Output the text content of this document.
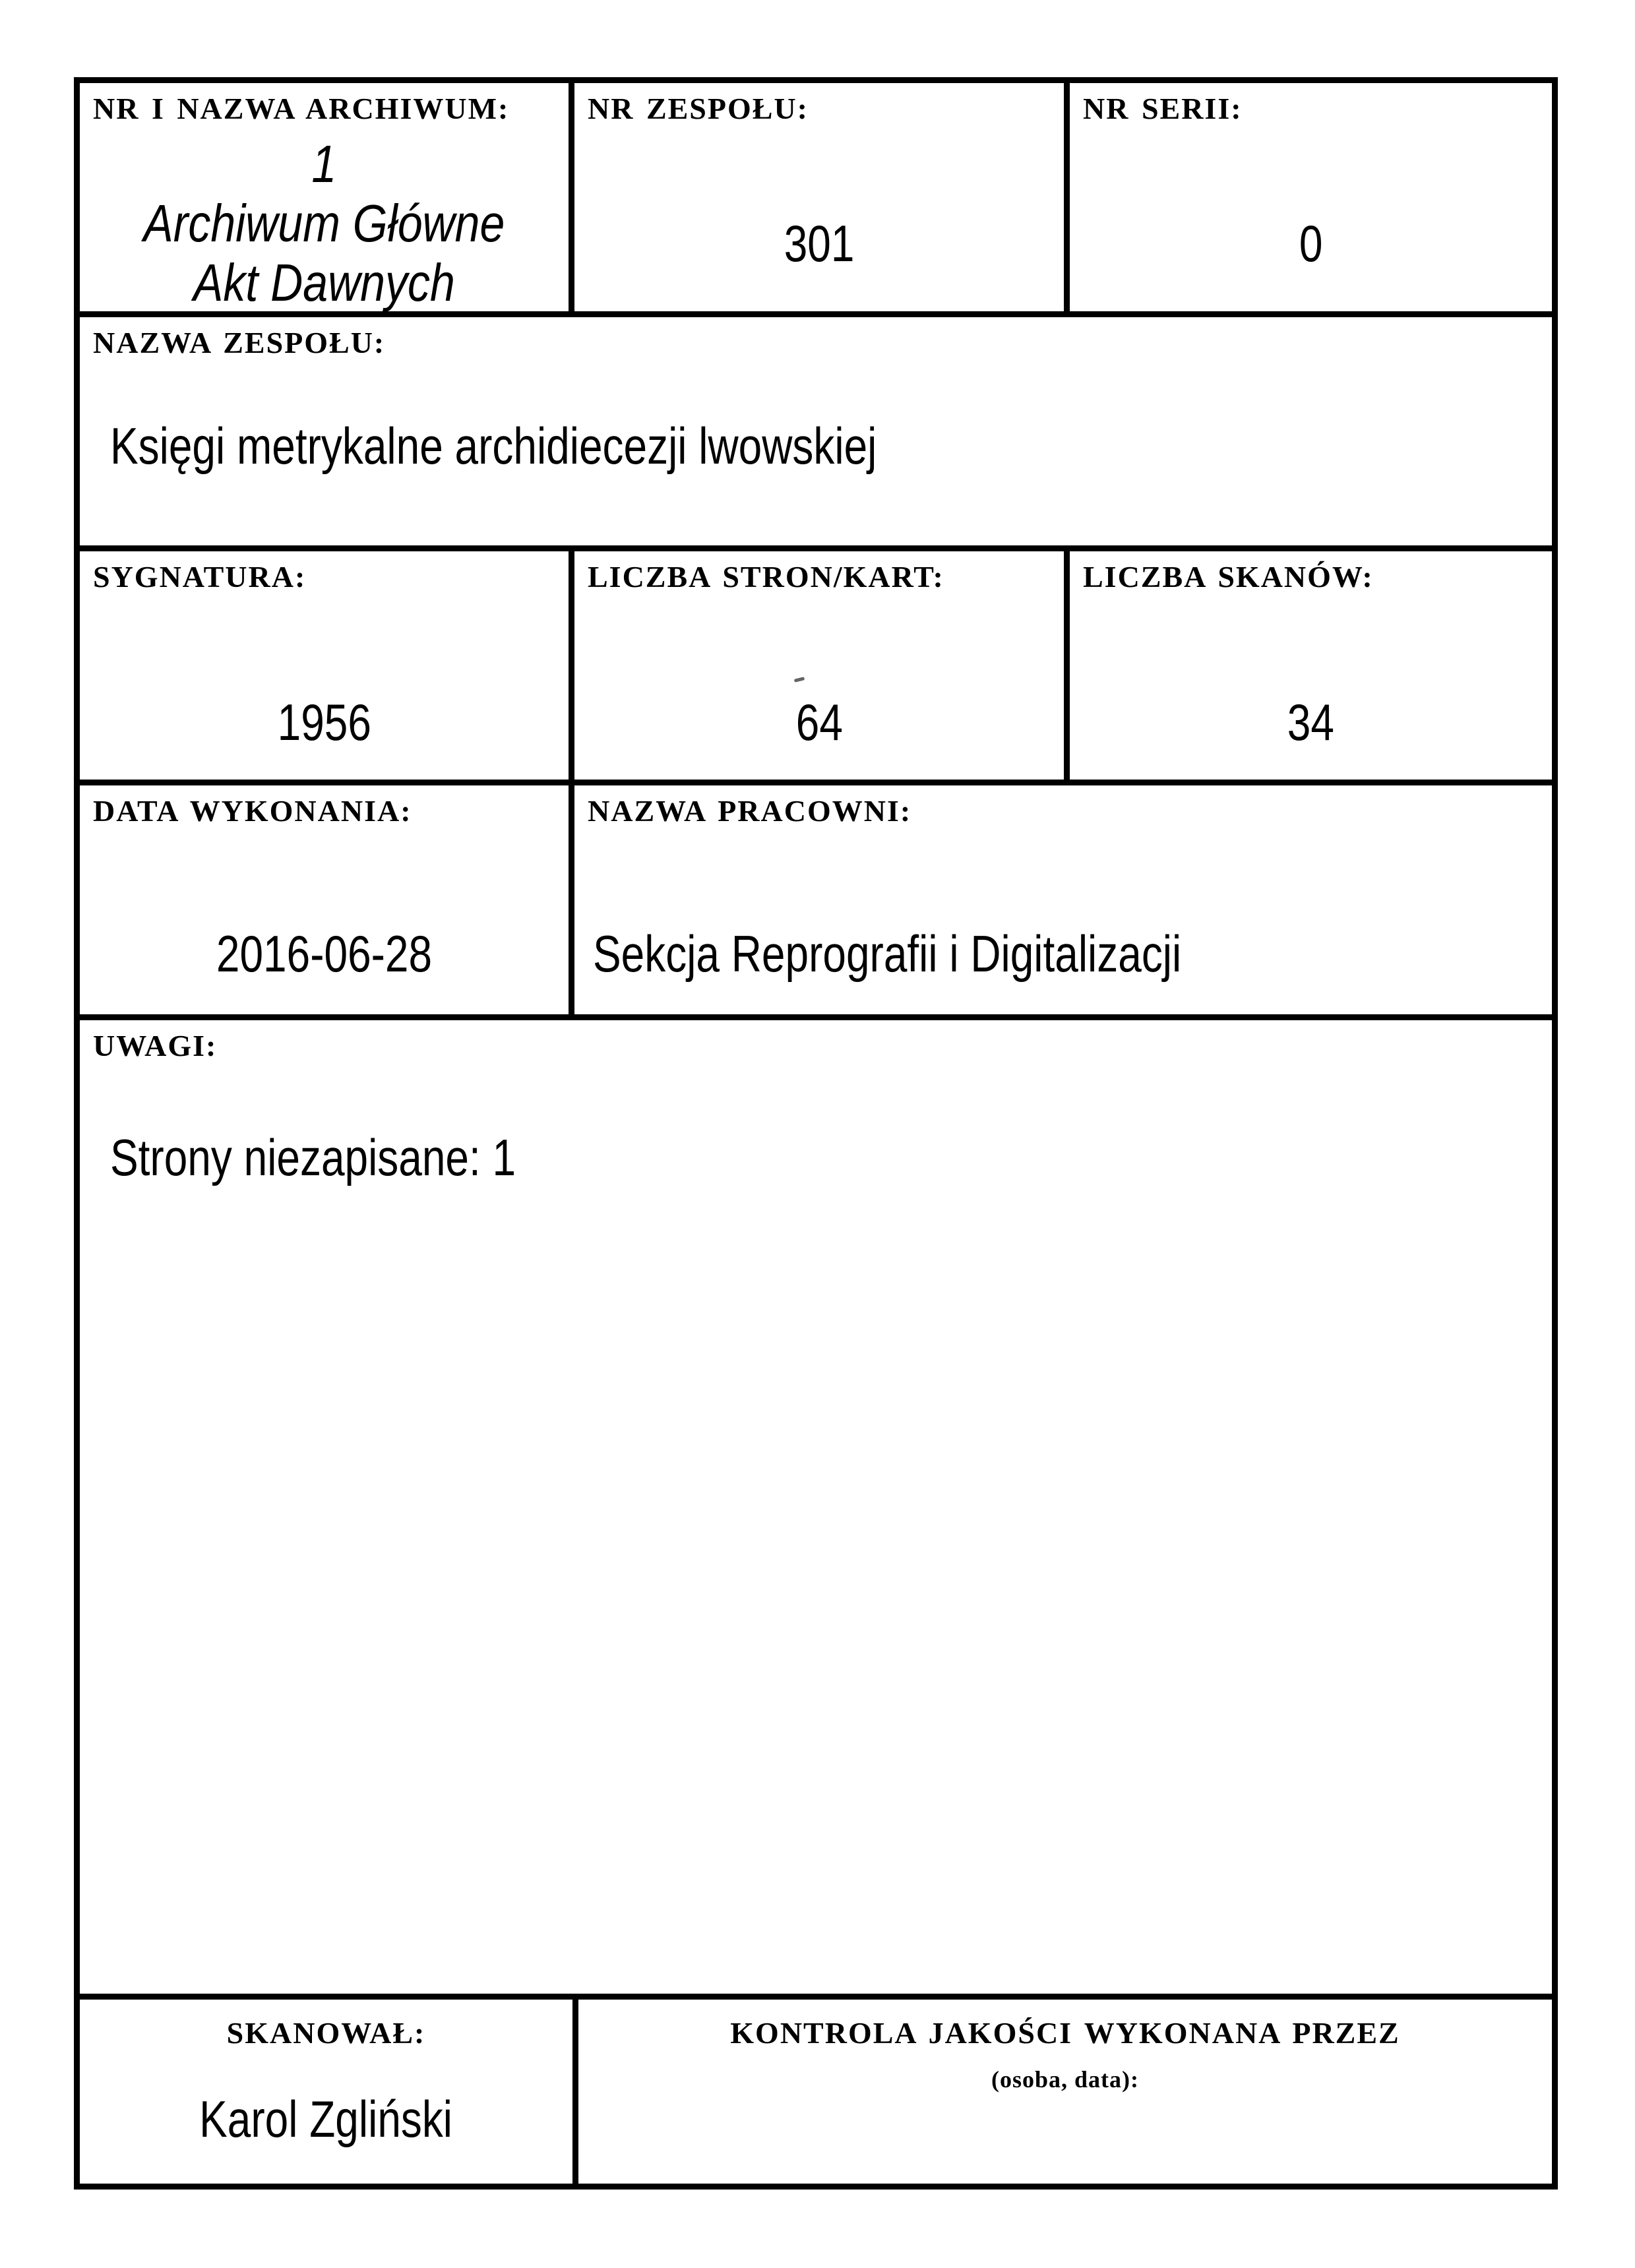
NR I NAZWA ARCHIWUM:
1
Archiwum Główne
Akt Dawnych
NR ZESPOŁU:
301
NR SERII:
0
NAZWA ZESPOŁU:
Księgi metrykalne archidiecezji lwowskiej
SYGNATURA:
1956
LICZBA STRON/KART:
64
LICZBA SKANÓW:
34
DATA WYKONANIA:
2016-06-28
NAZWA PRACOWNI:
Sekcja Reprografii i Digitalizacji
UWAGI:
Strony niezapisane: 1
SKANOWAŁ:
Karol Zgliński
KONTROLA JAKOŚCI WYKONANA PRZEZ
(osoba, data):
